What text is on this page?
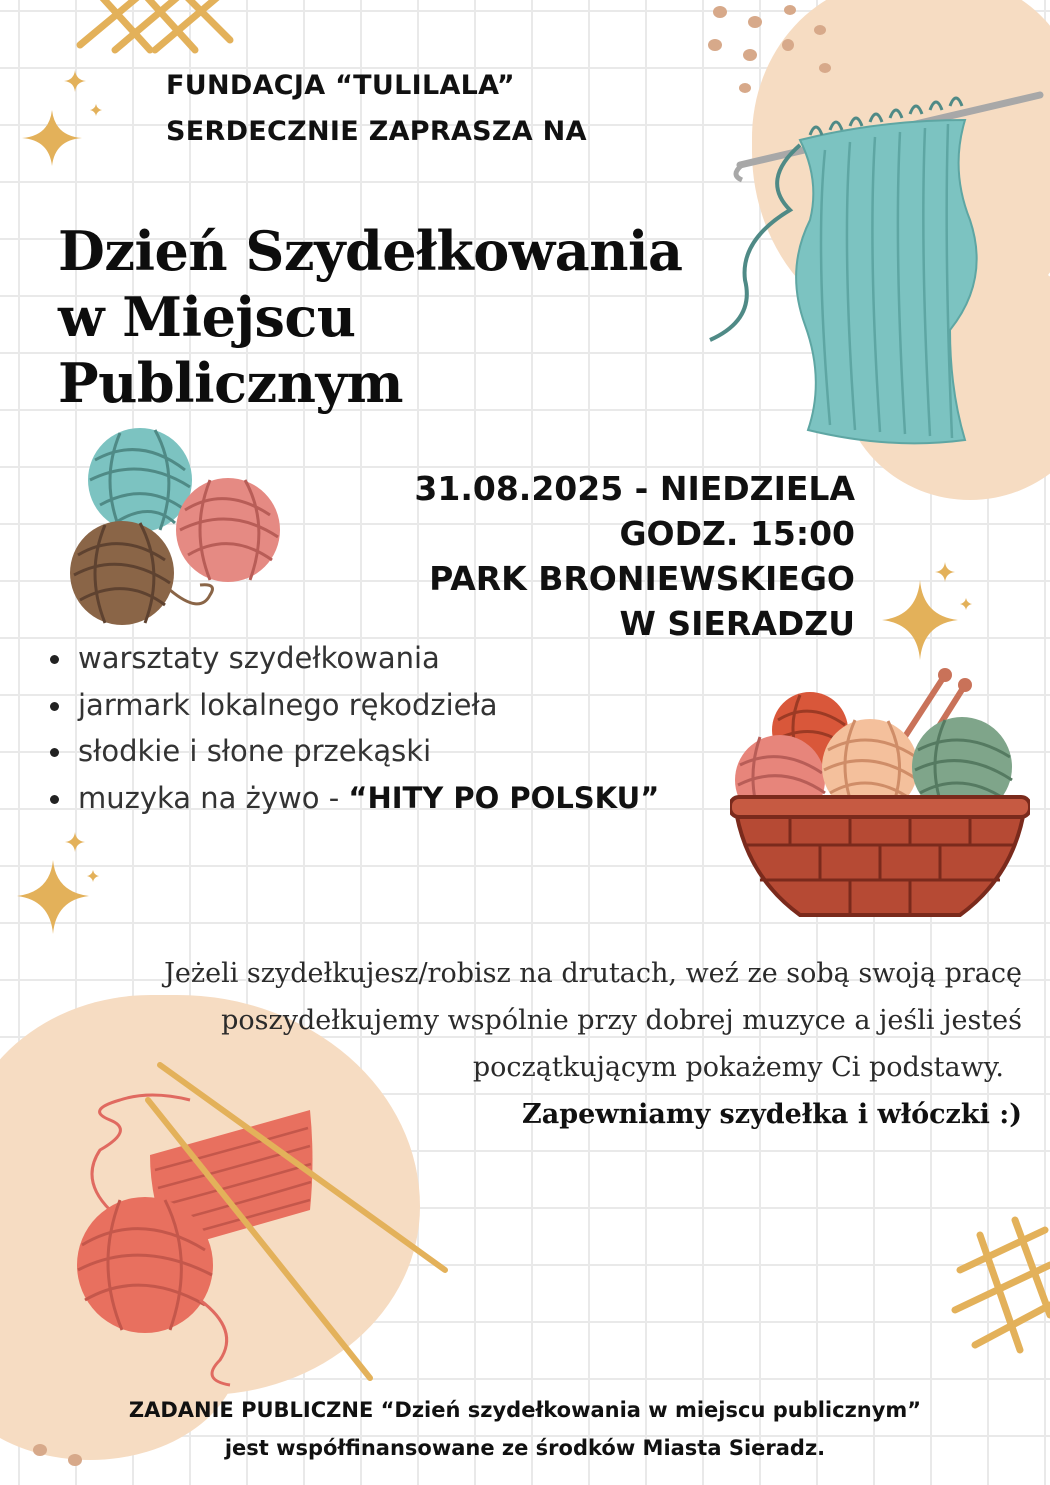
FUNDACJA “TULILALA”
SERDECZNIE ZAPRASZA NA
Dzień Szydełkowania
w Miejscu
Publicznym
31.08.2025 - NIEDZIELA
GODZ. 15:00
PARK BRONIEWSKIEGO
W SIERADZU
warsztaty szydełkowania
jarmark lokalnego rękodzieła
słodkie i słone przekąski
muzyka na żywo - “HITY PO POLSKU”
Jeżeli szydełkujesz/robisz na drutach, weź ze sobą swoją pracę
poszydełkujemy wspólnie przy dobrej muzyce a jeśli jesteś
początkującym pokażemy Ci podstawy.
Zapewniamy szydełka i włóczki :)
ZADANIE PUBLICZNE “Dzień szydełkowania w miejscu publicznym”
jest współfinansowane ze środków Miasta Sieradz.
